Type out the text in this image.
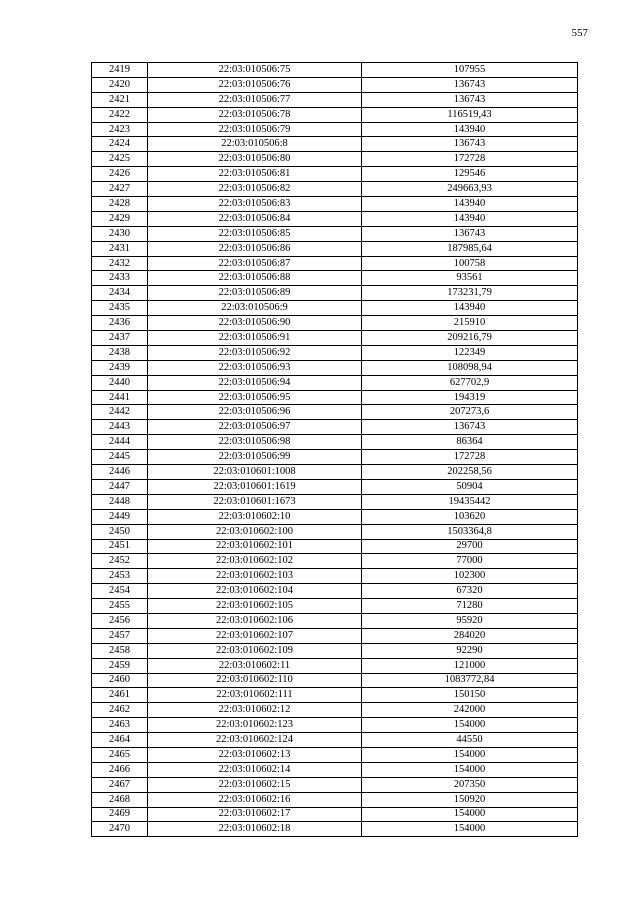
557
2419	22:03:010506:75	107955
2420	22:03:010506:76	136743
2421	22:03:010506:77	136743
2422	22:03:010506:78	116519,43
2423	22:03:010506:79	143940
2424	22:03:010506:8	136743
2425	22:03:010506:80	172728
2426	22:03:010506:81	129546
2427	22:03:010506:82	249663,93
2428	22:03:010506:83	143940
2429	22:03:010506:84	143940
2430	22:03:010506:85	136743
2431	22:03:010506:86	187985,64
2432	22:03:010506:87	100758
2433	22:03:010506:88	93561
2434	22:03:010506:89	173231,79
2435	22:03:010506:9	143940
2436	22:03:010506:90	215910
2437	22:03:010506:91	209216,79
2438	22:03:010506:92	122349
2439	22:03:010506:93	108098,94
2440	22:03:010506:94	627702,9
2441	22:03:010506:95	194319
2442	22:03:010506:96	207273,6
2443	22:03:010506:97	136743
2444	22:03:010506:98	86364
2445	22:03:010506:99	172728
2446	22:03:010601:1008	202258,56
2447	22:03:010601:1619	50904
2448	22:03:010601:1673	19435442
2449	22:03:010602:10	103620
2450	22:03:010602:100	1503364,8
2451	22:03:010602:101	29700
2452	22:03:010602:102	77000
2453	22:03:010602:103	102300
2454	22:03:010602:104	67320
2455	22:03:010602:105	71280
2456	22:03:010602:106	95920
2457	22:03:010602:107	284020
2458	22:03:010602:109	92290
2459	22:03:010602:11	121000
2460	22:03:010602:110	1083772,84
2461	22:03:010602:111	150150
2462	22:03:010602:12	242000
2463	22:03:010602:123	154000
2464	22:03:010602:124	44550
2465	22:03:010602:13	154000
2466	22:03:010602:14	154000
2467	22:03:010602:15	207350
2468	22:03:010602:16	150920
2469	22:03:010602:17	154000
2470	22:03:010602:18	154000
